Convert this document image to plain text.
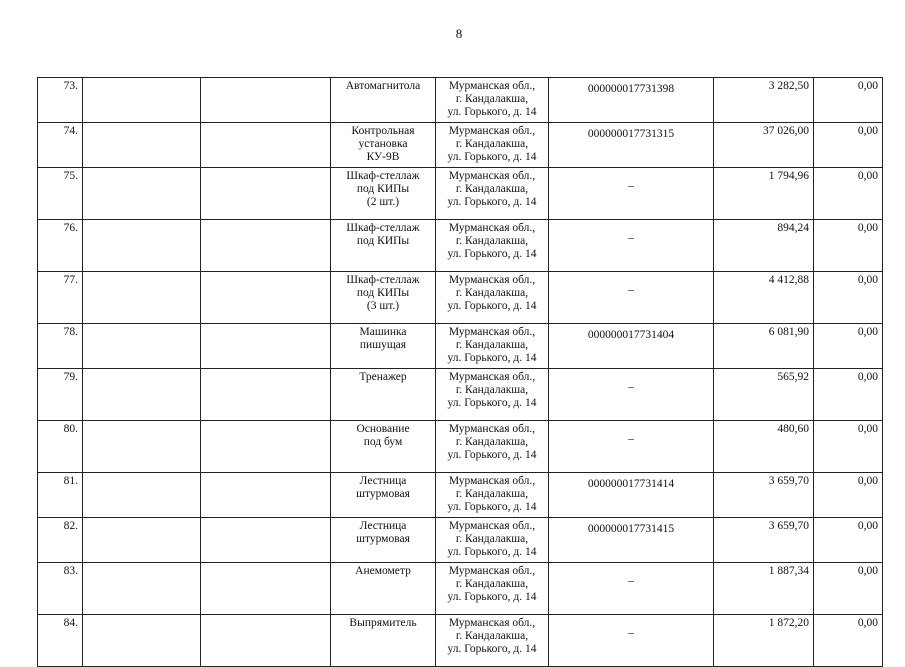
8
73.			Автомагнитола	Мурманская обл.,
г. Кандалакша,
ул. Горького, д. 14	000000017731398	3 282,50	0,00

74.			Контрольная
установка
КУ-9В	Мурманская обл.,
г. Кандалакша,
ул. Горького, д. 14	000000017731315	37 026,00	0,00

75.			Шкаф-стеллаж
под КИПы
(2 шт.)	Мурманская обл.,
г. Кандалакша,
ул. Горького, д. 14	–	1 794,96	0,00

76.			Шкаф-стеллаж
под КИПы	Мурманская обл.,
г. Кандалакша,
ул. Горького, д. 14	–	894,24	0,00

77.			Шкаф-стеллаж
под КИПы
(3 шт.)	Мурманская обл.,
г. Кандалакша,
ул. Горького, д. 14	–	4 412,88	0,00

78.			Машинка
пишущая	Мурманская обл.,
г. Кандалакша,
ул. Горького, д. 14	000000017731404	6 081,90	0,00

79.			Тренажер	Мурманская обл.,
г. Кандалакша,
ул. Горького, д. 14	–	565,92	0,00

80.			Основание
под бум	Мурманская обл.,
г. Кандалакша,
ул. Горького, д. 14	–	480,60	0,00

81.			Лестница
штурмовая	Мурманская обл.,
г. Кандалакша,
ул. Горького, д. 14	000000017731414	3 659,70	0,00

82.			Лестница
штурмовая	Мурманская обл.,
г. Кандалакша,
ул. Горького, д. 14	000000017731415	3 659,70	0,00

83.			Анемометр	Мурманская обл.,
г. Кандалакша,
ул. Горького, д. 14	–	1 887,34	0,00

84.			Выпрямитель	Мурманская обл.,
г. Кандалакша,
ул. Горького, д. 14	–	1 872,20	0,00
